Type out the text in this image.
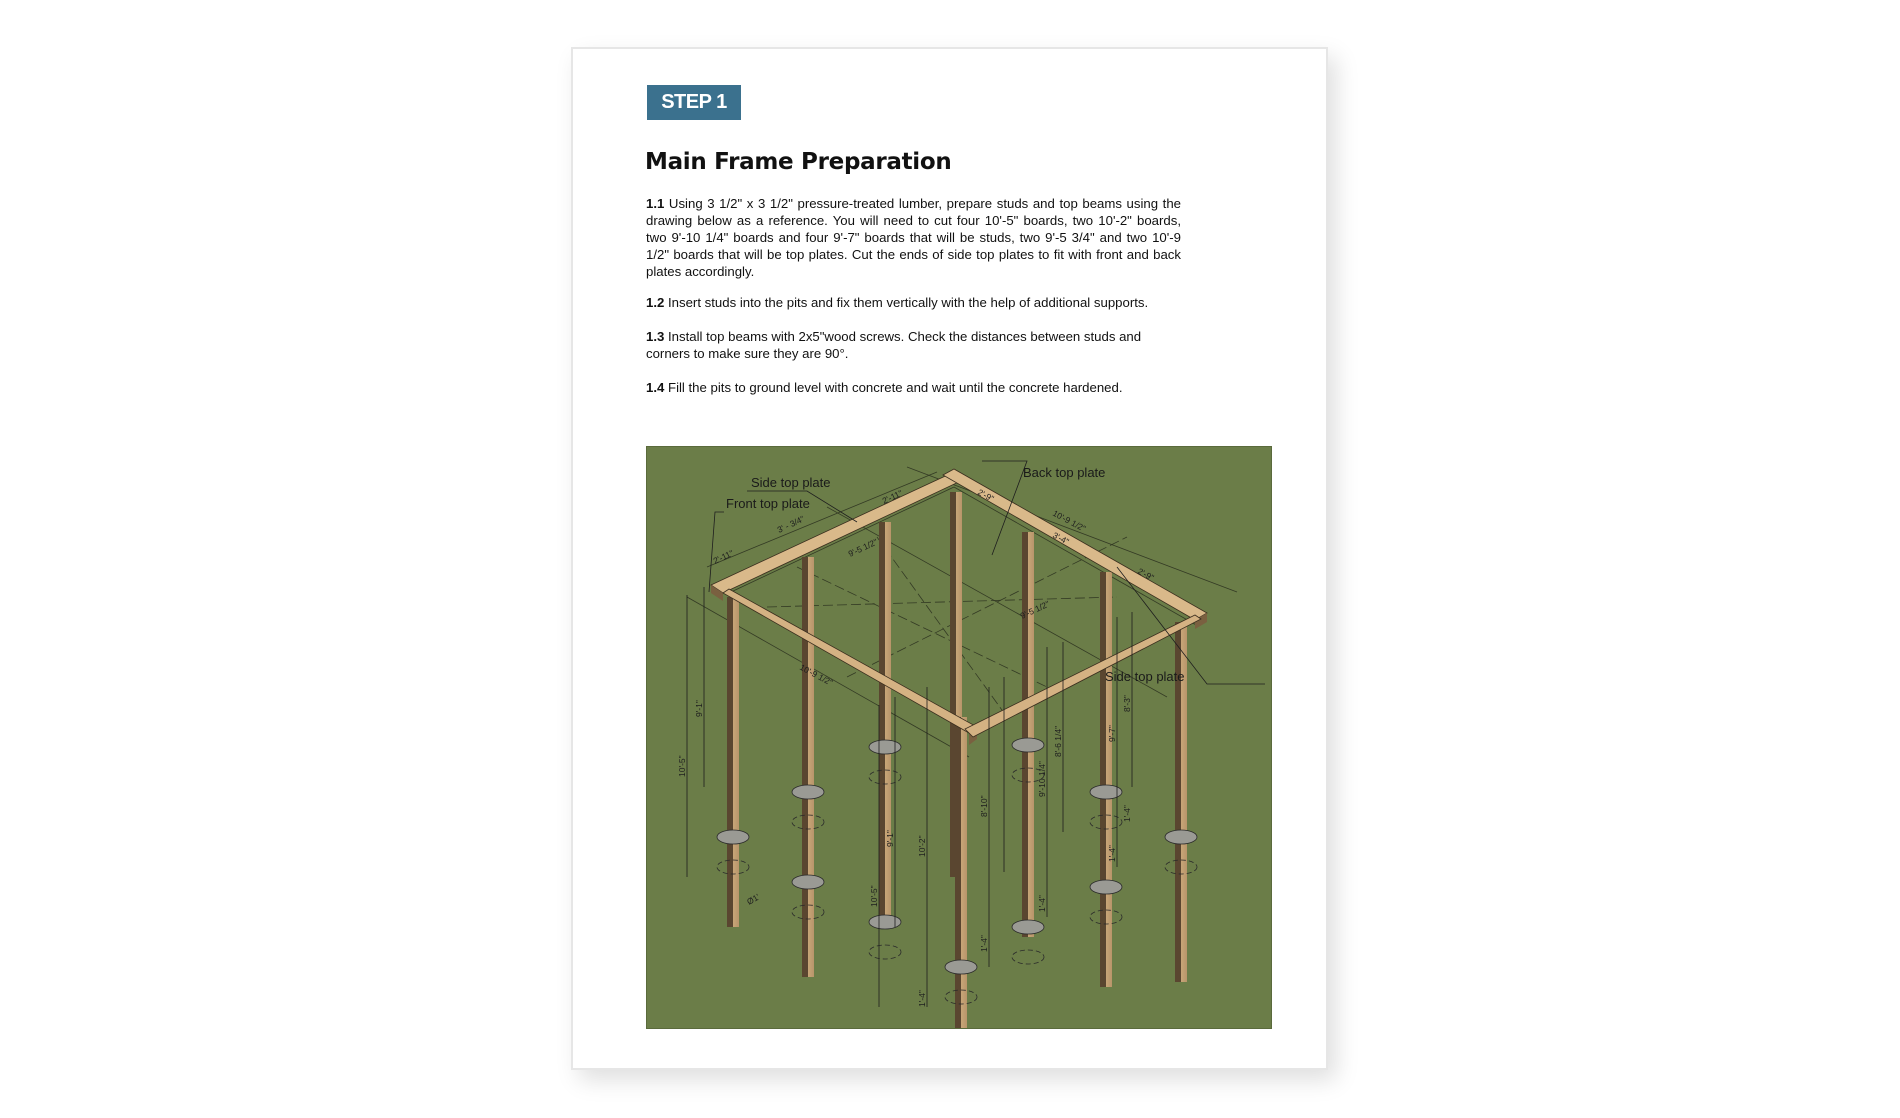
STEP 1
Main Frame Preparation

1.1 Using 3 1/2" x 3 1/2" pressure-treated lumber, prepare studs and top beams using the drawing below as a reference. You will need to cut four 10'-5" boards, two 10'-2" boards, two 9'-10 1/4" boards and four 9'-7" boards that will be studs, two 9'-5 3/4" and two 10'-9 1/2" boards that will be top plates. Cut the ends of side top plates to fit with front and back plates accordingly.

1.2 Insert studs into the pits and fix them vertically with the help of additional supports.

1.3 Install top beams with 2x5"wood screws. Check the distances between studs and corners to make sure they are 90°.

1.4 Fill the pits to ground level with concrete and wait until the concrete hardened.

Side top plate
Front top plate
Back top plate
Side top plate
2'-11"
3' - 3/4"
2'-11"
9'-5 1/2"
2'-9"
3'-4"
2'-9"
10'-9 1/2"
10'-9 1/2"
9'-5 1/2"
10'-5"
9'-1"
10'-5"
9'-1"	10'-2"
8'-10"
9'-10 1/4"
8'-6 1/4"	9'-7"
8'-3"
1'-4"
1'-4"
1'-4"
1'-4"
1'-4"
Ø1'
